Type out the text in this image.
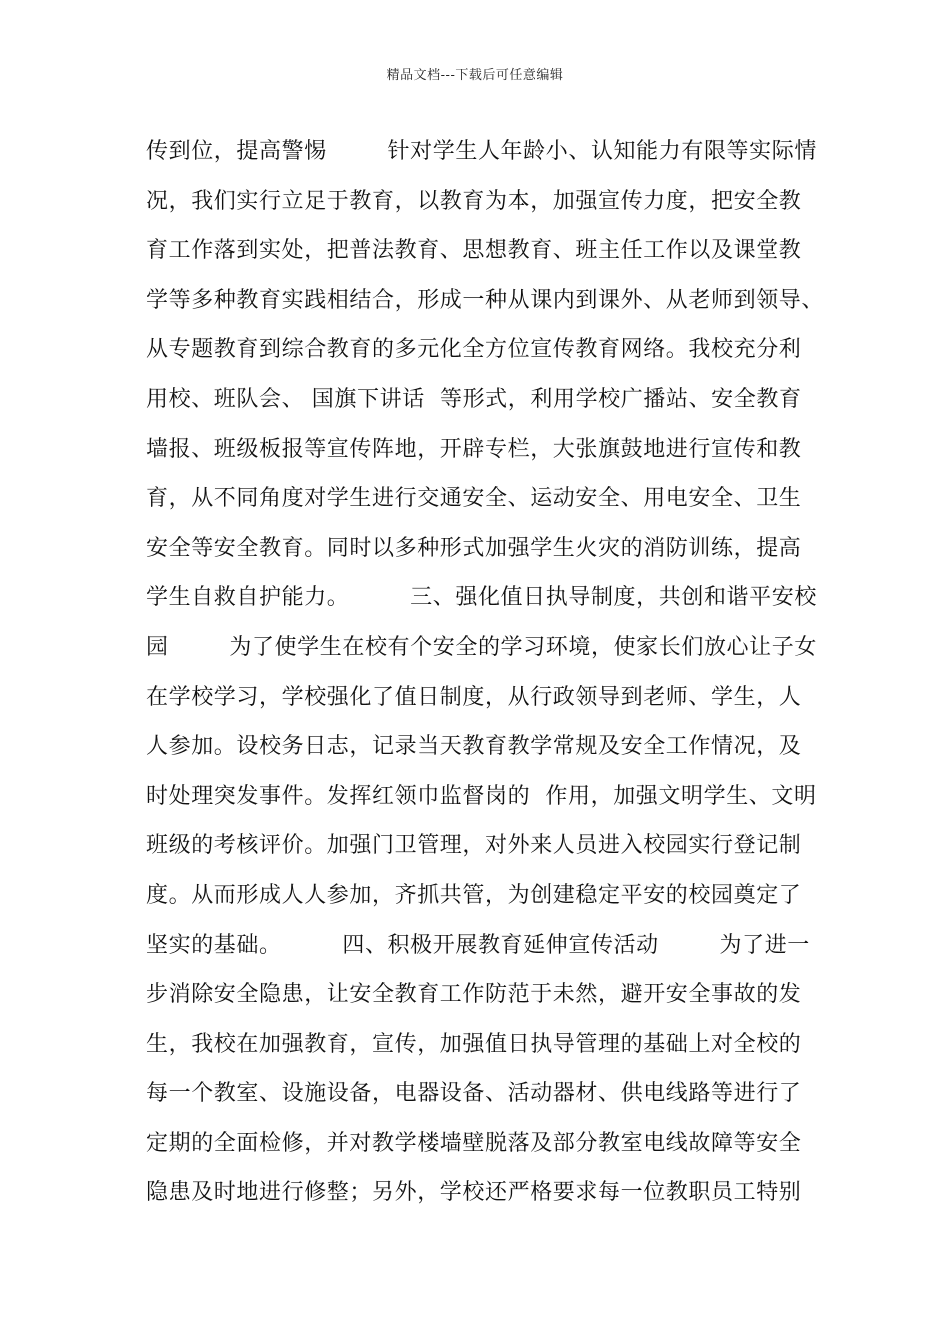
精品文档---下载后可任意编辑
传到位，提高警惕        针对学生人年龄小、认知能力有限等实际情
况，我们实行立足于教育，以教育为本，加强宣传力度，把安全教
育工作落到实处，把普法教育、思想教育、班主任工作以及课堂教
学等多种教育实践相结合，形成一种从课内到课外、从老师到领导、
从专题教育到综合教育的多元化全方位宣传教育网络。我校充分利
用校、班队会、 国旗下讲话  等形式，利用学校广播站、安全教育
墙报、班级板报等宣传阵地，开辟专栏，大张旗鼓地进行宣传和教
育，从不同角度对学生进行交通安全、运动安全、用电安全、卫生
安全等安全教育。同时以多种形式加强学生火灾的消防训练，提高
学生自救自护能力。        三、强化值日执导制度，共创和谐平安校
园        为了使学生在校有个安全的学习环境，使家长们放心让子女
在学校学习，学校强化了值日制度，从行政领导到老师、学生，人
人参加。设校务日志，记录当天教育教学常规及安全工作情况，及
时处理突发事件。发挥红领巾监督岗的  作用，加强文明学生、文明
班级的考核评价。加强门卫管理，对外来人员进入校园实行登记制
度。从而形成人人参加，齐抓共管，为创建稳定平安的校园奠定了
坚实的基础。        四、积极开展教育延伸宣传活动        为了进一
步消除安全隐患，让安全教育工作防范于未然，避开安全事故的发
生，我校在加强教育，宣传，加强值日执导管理的基础上对全校的
每一个教室、设施设备，电器设备、活动器材、供电线路等进行了
定期的全面检修，并对教学楼墙壁脱落及部分教室电线故障等安全
隐患及时地进行修整；另外，学校还严格要求每一位教职员工特别
